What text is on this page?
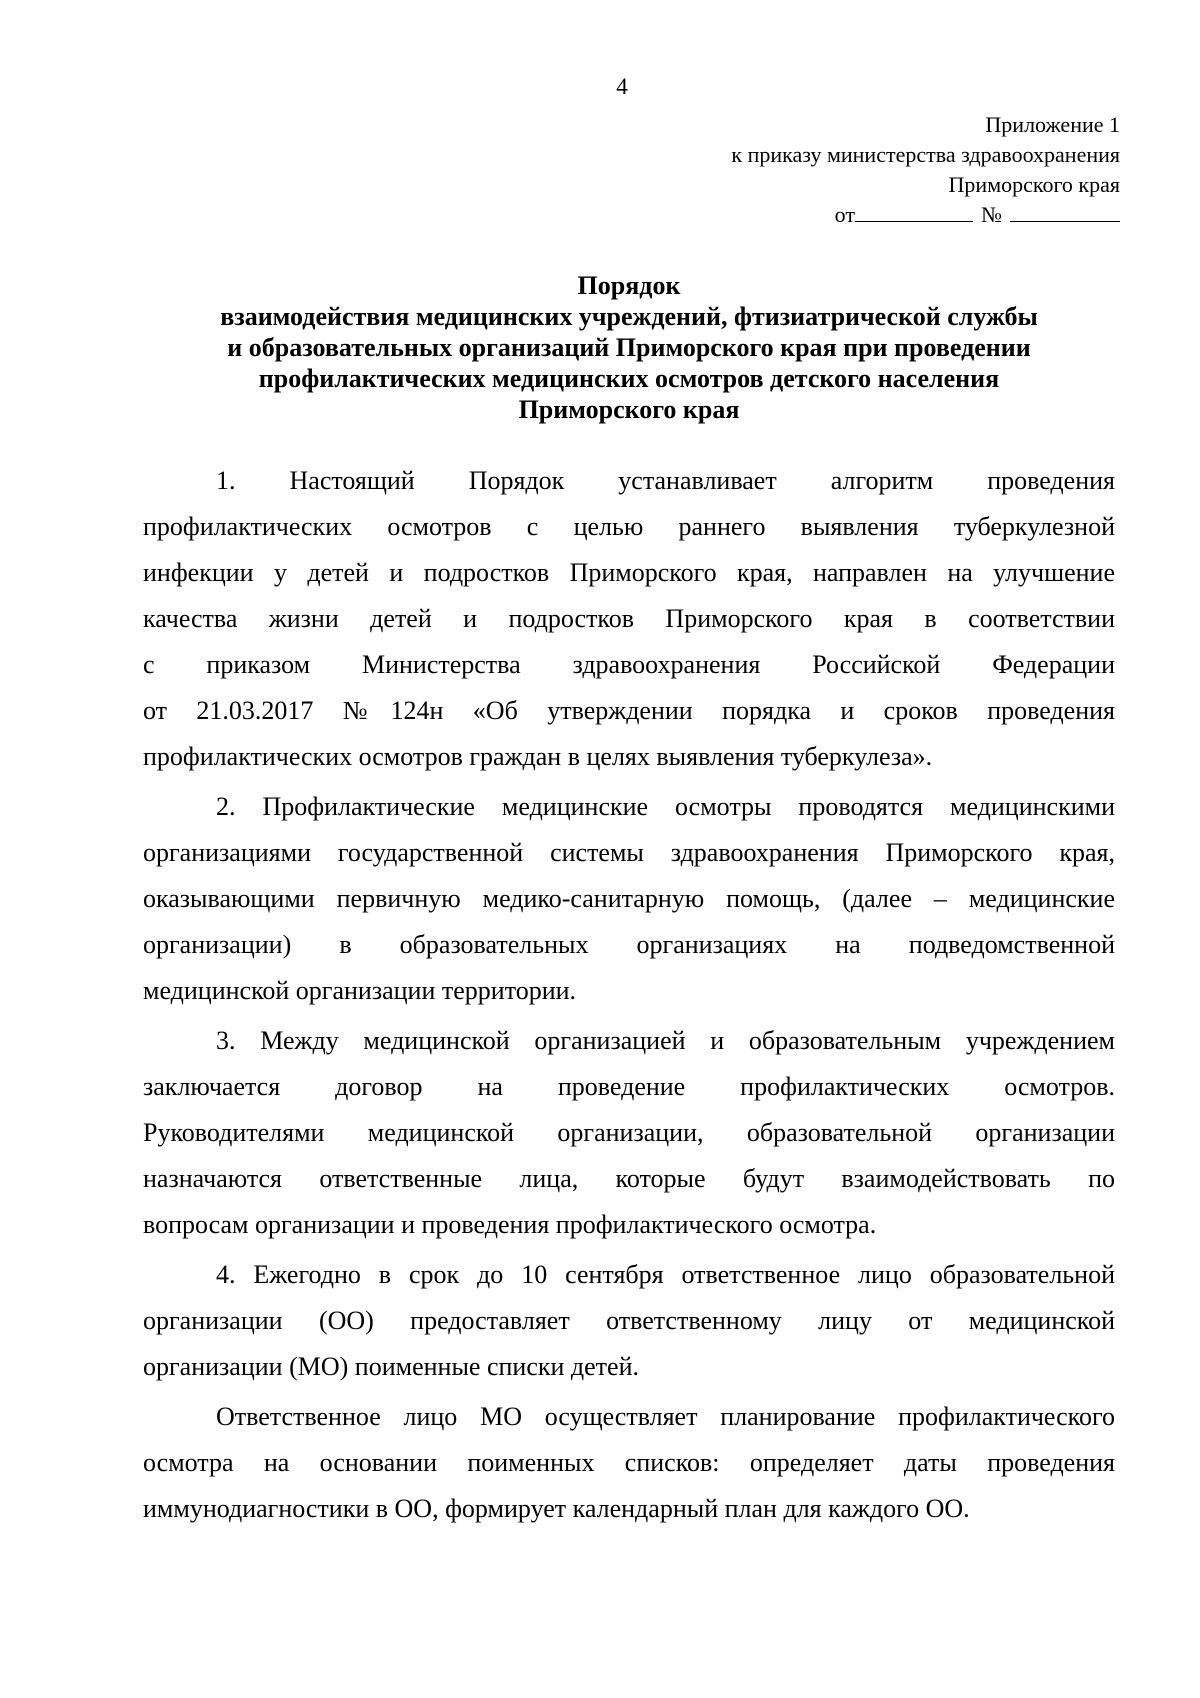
4
Приложение 1
к приказу министерства здравоохранения
Приморского края
от	№
Порядок
взаимодействия медицинских учреждений, фтизиатрической службы
и образовательных организаций Приморского края при проведении
профилактических медицинских осмотров детского населения
Приморского края
1. Настоящий Порядок устанавливает алгоритм проведения
профилактических осмотров с целью раннего выявления туберкулезной
инфекции у детей и подростков Приморского края, направлен на улучшение
качества жизни детей и подростков Приморского края в соответствии
с приказом Министерства здравоохранения Российской Федерации
от 21.03.2017 №124н «Об утверждении порядка и сроков проведения
профилактических осмотров граждан в целях выявления туберкулеза».
2. Профилактические медицинские осмотры проводятся медицинскими
организациями государственной системы здравоохранения Приморского края,
оказывающими первичную медико-санитарную помощь, (далее – медицинские
организации) в образовательных организациях на подведомственной
медицинской организации территории.
3. Между медицинской организацией и образовательным учреждением
заключается договор на проведение профилактических осмотров.
Руководителями медицинской организации, образовательной организации
назначаются ответственные лица, которые будут взаимодействовать по
вопросам организации и проведения профилактического осмотра.
4. Ежегодно в срок до 10 сентября ответственное лицо образовательной
организации (ОО) предоставляет ответственному лицу от медицинской
организации (МО) поименные списки детей.
Ответственное лицо МО осуществляет планирование профилактического
осмотра на основании поименных списков: определяет даты проведения
иммунодиагностики в ОО, формирует календарный план для каждого ОО.
